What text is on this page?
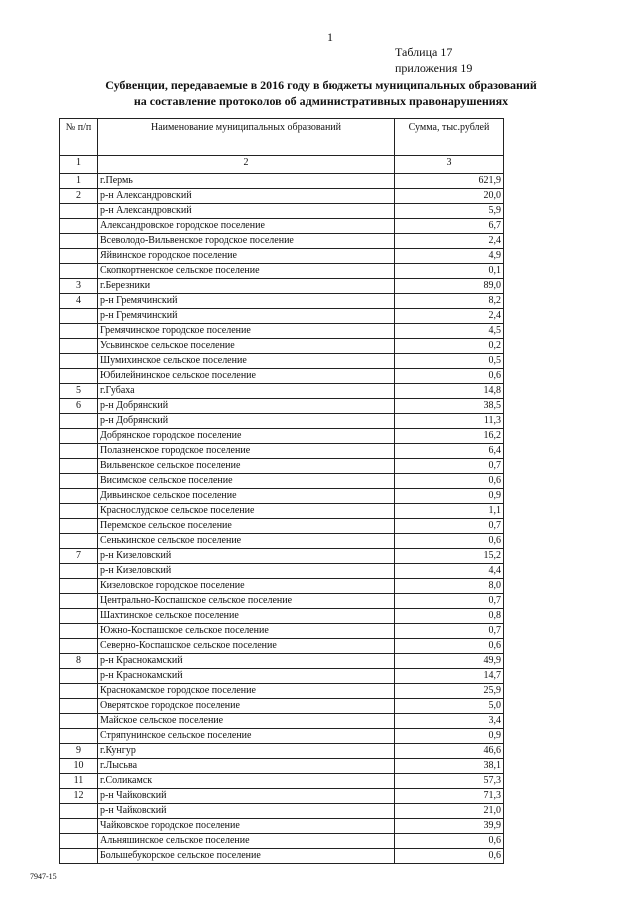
1
Таблица 17
приложения 19
Субвенции, передаваемые в 2016 году в бюджеты муниципальных образований
на составление протоколов об административных правонарушениях
№ п/п	Наименование муниципальных образований	Сумма, тыс.рублей
1	2	3
1	г.Пермь	621,9
2	р-н Александровский	20,0
	р-н Александровский	5,9
	Александровское городское поселение	6,7
	Всеволодо-Вильвенское городское поселение	2,4
	Яйвинское городское поселение	4,9
	Скопкортненское сельское поселение	0,1
3	г.Березники	89,0
4	р-н Гремячинский	8,2
	р-н Гремячинский	2,4
	Гремячинское городское поселение	4,5
	Усьвинское сельское поселение	0,2
	Шумихинское сельское поселение	0,5
	Юбилейнинское сельское поселение	0,6
5	г.Губаха	14,8
6	р-н Добрянский	38,5
	р-н Добрянский	11,3
	Добрянское городское поселение	16,2
	Полазненское городское поселение	6,4
	Вильвенское сельское поселение	0,7
	Висимское сельское поселение	0,6
	Дивьинское сельское поселение	0,9
	Краснослудское сельское поселение	1,1
	Перемское сельское поселение	0,7
	Сенькинское сельское поселение	0,6
7	р-н Кизеловский	15,2
	р-н Кизеловский	4,4
	Кизеловское городское поселение	8,0
	Центрально-Коспашское сельское поселение	0,7
	Шахтинское сельское поселение	0,8
	Южно-Коспашское сельское поселение	0,7
	Северно-Коспашское сельское поселение	0,6
8	р-н Краснокамский	49,9
	р-н Краснокамский	14,7
	Краснокамское городское поселение	25,9
	Оверятское городское поселение	5,0
	Майское сельское поселение	3,4
	Стряпунинское сельское поселение	0,9
9	г.Кунгур	46,6
10	г.Лысьва	38,1
11	г.Соликамск	57,3
12	р-н Чайковский	71,3
	р-н Чайковский	21,0
	Чайковское городское поселение	39,9
	Альняшинское сельское поселение	0,6
	Большебукорское сельское поселение	0,6
7947-15
